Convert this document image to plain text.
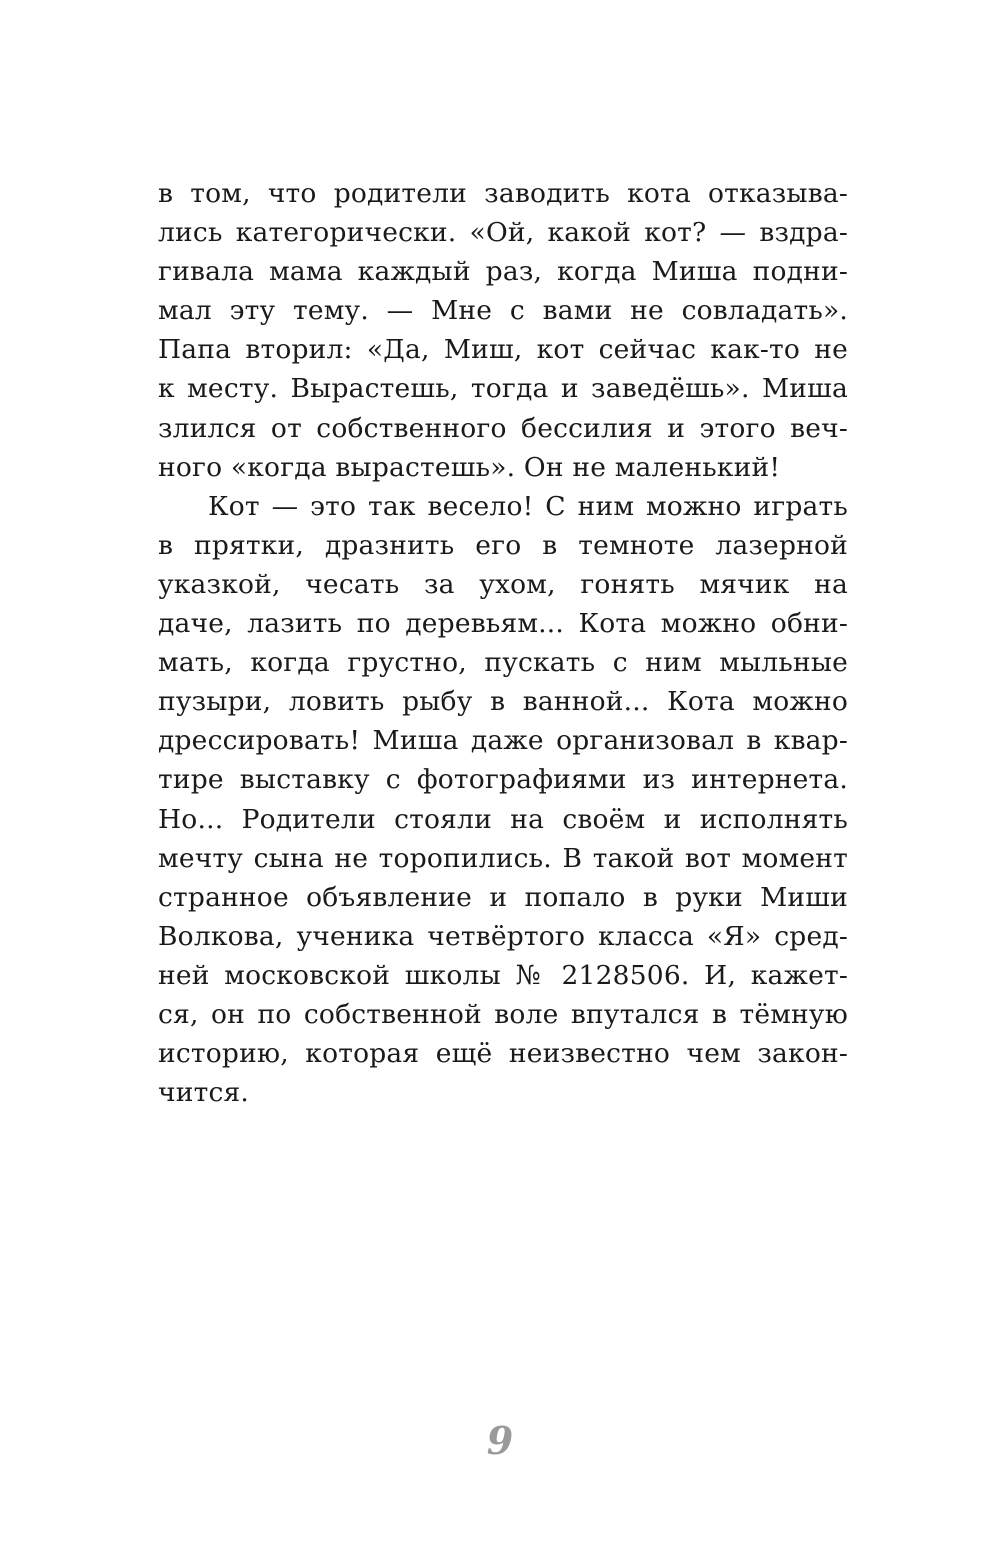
в том, что родители заводить кота отказыва-
лись категорически. «Ой, какой кот? — вздра-
гивала мама каждый раз, когда Миша подни-
мал эту тему. — Мне с вами не совладать».
Папа вторил: «Да, Миш, кот сейчас как-то не
к месту. Вырастешь, тогда и заведёшь». Миша
злился от собственного бессилия и этого веч-
ного «когда вырастешь». Он не маленький!
Кот — это так весело! С ним можно играть
в прятки, дразнить его в темноте лазерной
указкой, чесать за ухом, гонять мячик на
даче, лазить по деревьям... Кота можно обни-
мать, когда грустно, пускать с ним мыльные
пузыри, ловить рыбу в ванной... Кота можно
дрессировать! Миша даже организовал в квар-
тире выставку с фотографиями из интернета.
Но... Родители стояли на своём и исполнять
мечту сына не торопились. В такой вот момент
странное объявление и попало в руки Миши
Волкова, ученика четвёртого класса «Я» сред-
ней московской школы № 2128506. И, кажет-
ся, он по собственной воле впутался в тёмную
историю, которая ещё неизвестно чем закон-
чится.
9
